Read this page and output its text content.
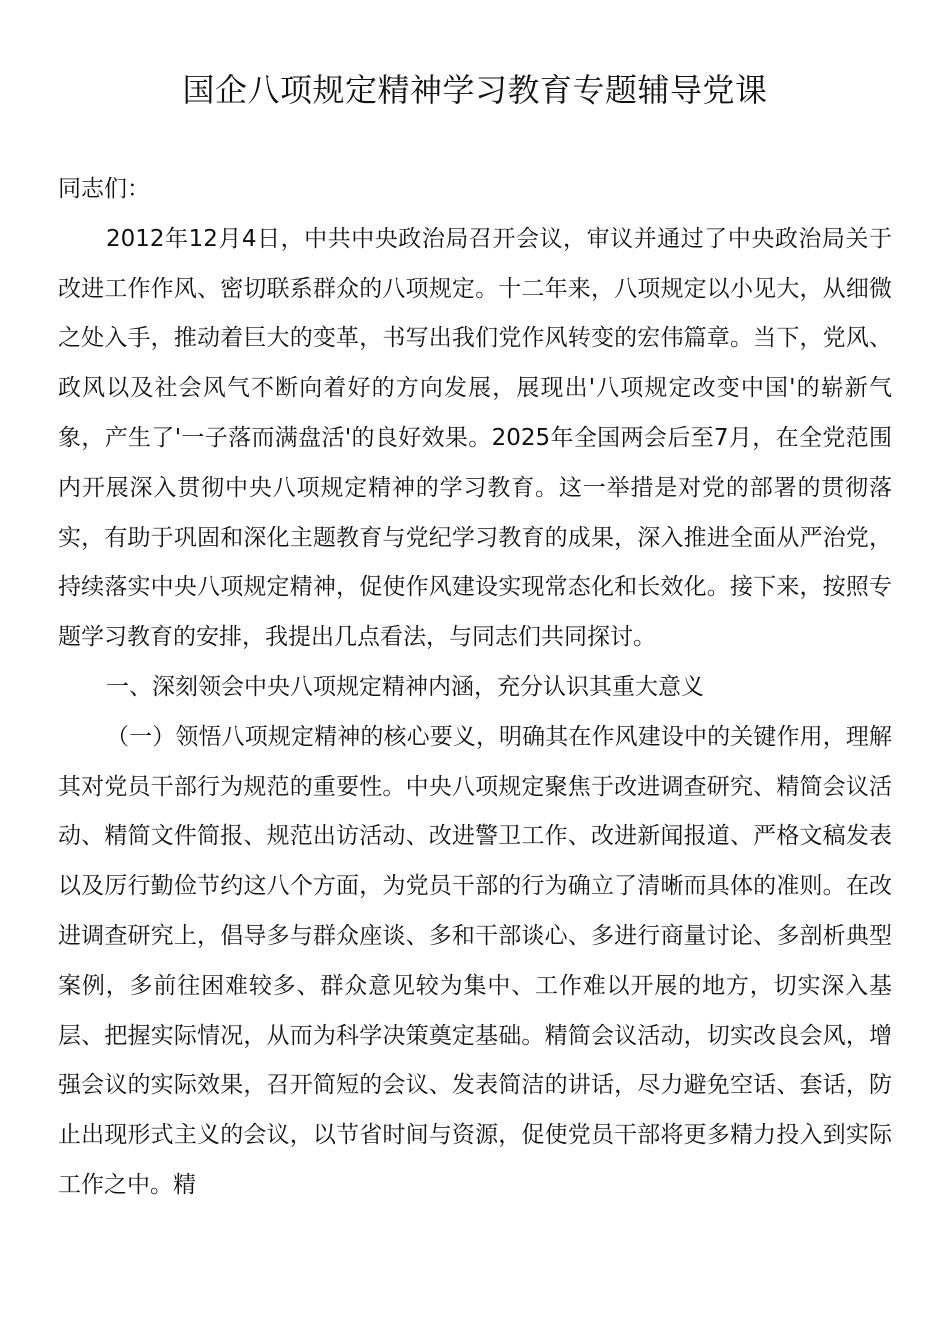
国企八项规定精神学习教育专题辅导党课

同志们：

2012年12月4日，中共中央政治局召开会议，审议并通过了中央政治局关于改进工作作风、密切联系群众的八项规定。十二年来，八项规定以小见大，从细微之处入手，推动着巨大的变革，书写出我们党作风转变的宏伟篇章。当下，党风、政风以及社会风气不断向着好的方向发展，展现出'八项规定改变中国'的崭新气象，产生了'一子落而满盘活'的良好效果。2025年全国两会后至7月，在全党范围内开展深入贯彻中央八项规定精神的学习教育。这一举措是对党的部署的贯彻落实，有助于巩固和深化主题教育与党纪学习教育的成果，深入推进全面从严治党，持续落实中央八项规定精神，促使作风建设实现常态化和长效化。接下来，按照专题学习教育的安排，我提出几点看法，与同志们共同探讨。

一、深刻领会中央八项规定精神内涵，充分认识其重大意义

（一）领悟八项规定精神的核心要义，明确其在作风建设中的关键作用，理解其对党员干部行为规范的重要性。中央八项规定聚焦于改进调查研究、精简会议活动、精简文件简报、规范出访活动、改进警卫工作、改进新闻报道、严格文稿发表以及厉行勤俭节约这八个方面，为党员干部的行为确立了清晰而具体的准则。在改进调查研究上，倡导多与群众座谈、多和干部谈心、多进行商量讨论、多剖析典型案例，多前往困难较多、群众意见较为集中、工作难以开展的地方，切实深入基层、把握实际情况，从而为科学决策奠定基础。精简会议活动，切实改良会风，增强会议的实际效果，召开简短的会议、发表简洁的讲话，尽力避免空话、套话，防止出现形式主义的会议，以节省时间与资源，促使党员干部将更多精力投入到实际工作之中。精
